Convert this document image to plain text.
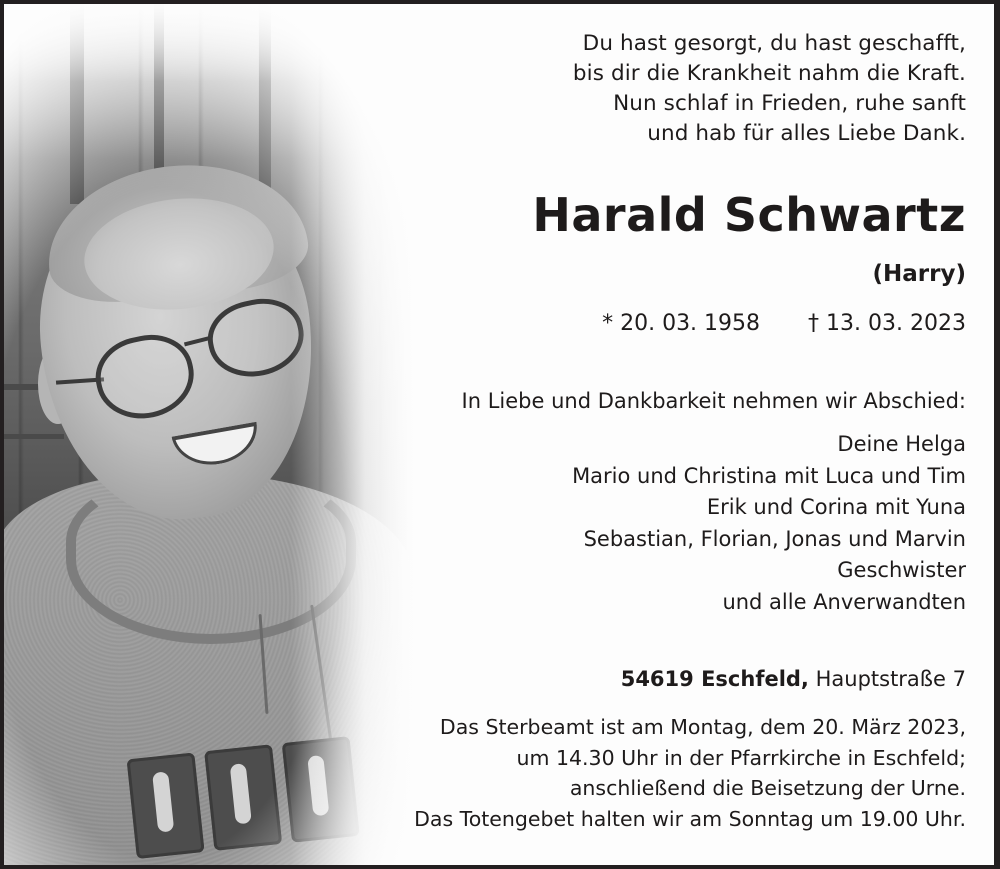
Du hast gesorgt, du hast geschafft,
bis dir die Krankheit nahm die Kraft.
Nun schlaf in Frieden, ruhe sanft
und hab für alles Liebe Dank.
Harald Schwartz
(Harry)
* 20. 03. 1958 † 13. 03. 2023
In Liebe und Dankbarkeit nehmen wir Abschied:
Deine Helga
Mario und Christina mit Luca und Tim
Erik und Corina mit Yuna
Sebastian, Florian, Jonas und Marvin
Geschwister
und alle Anverwandten
54619 Eschfeld, Hauptstraße 7
Das Sterbeamt ist am Montag, dem 20. März 2023,
um 14.30 Uhr in der Pfarrkirche in Eschfeld;
anschließend die Beisetzung der Urne.
Das Totengebet halten wir am Sonntag um 19.00 Uhr.
